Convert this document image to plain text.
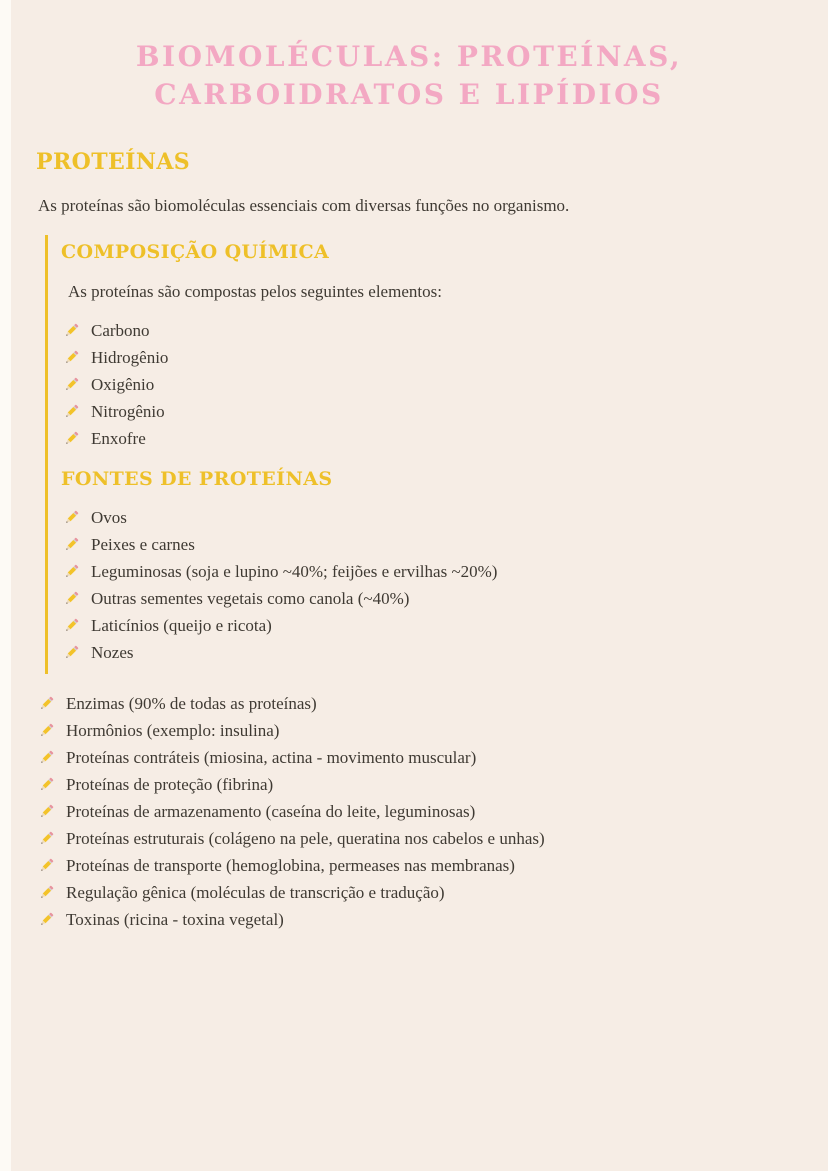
BIOMOLÉCULAS: PROTEÍNAS,
CARBOIDRATOS E LIPÍDIOS
PROTEÍNAS

As proteínas são biomoléculas essenciais com diversas funções no organismo.

COMPOSIÇÃO QUÍMICA

As proteínas são compostas pelos seguintes elementos:

Carbono
Hidrogênio
Oxigênio
Nitrogênio
Enxofre
FONTES DE PROTEÍNAS
Ovos
Peixes e carnes
Leguminosas (soja e lupino ~40%; feijões e ervilhas ~20%)
Outras sementes vegetais como canola (~40%)
Laticínios (queijo e ricota)
Nozes
Enzimas (90% de todas as proteínas)
Hormônios (exemplo: insulina)
Proteínas contráteis (miosina, actina - movimento muscular)
Proteínas de proteção (fibrina)
Proteínas de armazenamento (caseína do leite, leguminosas)
Proteínas estruturais (colágeno na pele, queratina nos cabelos e unhas)
Proteínas de transporte (hemoglobina, permeases nas membranas)
Regulação gênica (moléculas de transcrição e tradução)
Toxinas (ricina - toxina vegetal)
